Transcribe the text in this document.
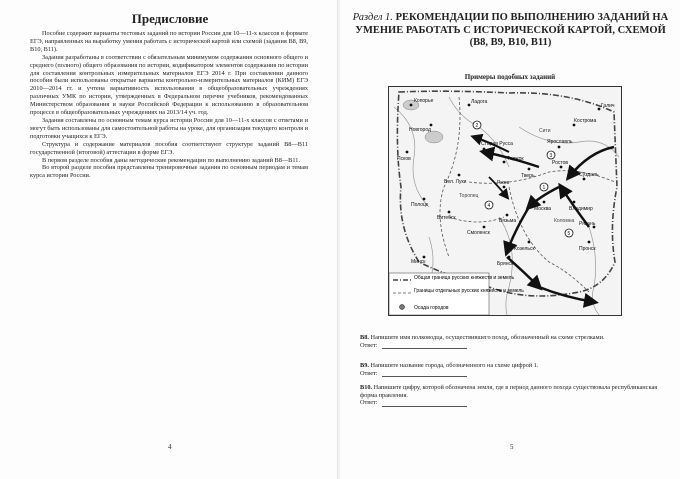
Предисловие

Пособие содержит варианты тестовых заданий по истории России для 10—11-х классов в формате ЕГЭ, направленных на выработку умения работать с исторической картой или схемой (задания В8, В9, В10, В11).

Задания разработаны в соответствии с обязательным минимумом содержания основного общего и среднего (полного) общего образования по истории, кодификатором элементов содержания по истории для составления контрольных измерительных материалов ЕГЭ 2014 г. При составлении данного пособия были использованы открытые варианты контрольно-измерительных материалов (КИМ) ЕГЭ 2010—2014 гг. и учтена вариативность использования в общеобразовательных учреждениях различных УМК по истории, утвержденных в Федеральном перечне учебников, рекомендованных Министерством образования и науки Российской Федерации к использованию в образовательном процессе в общеобразовательных учреждениях на 2013/14 уч. год.

Задания составлены по основным темам курса истории России для 10—11-х классов с ответами и могут быть использованы для самостоятельной работы на уроке, для организации текущего контроля и подготовки учащихся к ЕГЭ.

Структура и содержание материалов пособия соответствуют структуре заданий В8—В11 государственной (итоговой) аттестации в форме ЕГЭ.

В первом разделе пособия даны методические рекомендации по выполнению заданий В8—В11.

Во второй разделе пособия представлены тренировочные задания по основным периодам и темам курса истории России.

4
Раздел 1. РЕКОМЕНДАЦИИ ПО ВЫПОЛНЕНИЮ ЗАДАНИЙ НА УМЕНИЕ РАБОТАТЬ С ИСТОРИЧЕСКОЙ КАРТОЙ, СХЕМОЙ (В8, В9, В10, В11)
Примеры подобных заданий

В8. Напишите имя полководца, осуществившего поход, обозначенный на схеме стрелками.

Ответ:

В9. Напишите название города, обозначенного на схеме цифрой 1.

Ответ:

В10. Напишите цифру, которой обозначена земля, где в период данного похода существовала республиканская форма правления.

Ответ:

5
Копорье
Новгород
Ладога
Старая Русса
Псков	Торжок
Кострома
Галич
Ярославль
Тверь
Ростов
Суздаль
Москва	Владимир
Вел. Луки	Ржев
Вязьма
Полоцк
Смоленск
Витебск
Рязань
Козельск
Брянск
Пронск
Минск
Торопец
Сити
Коломна
2
3
1
4
5
Общая граница русских княжеств и земель
Границы отдельных русских княжеств и земель
Осада городов
